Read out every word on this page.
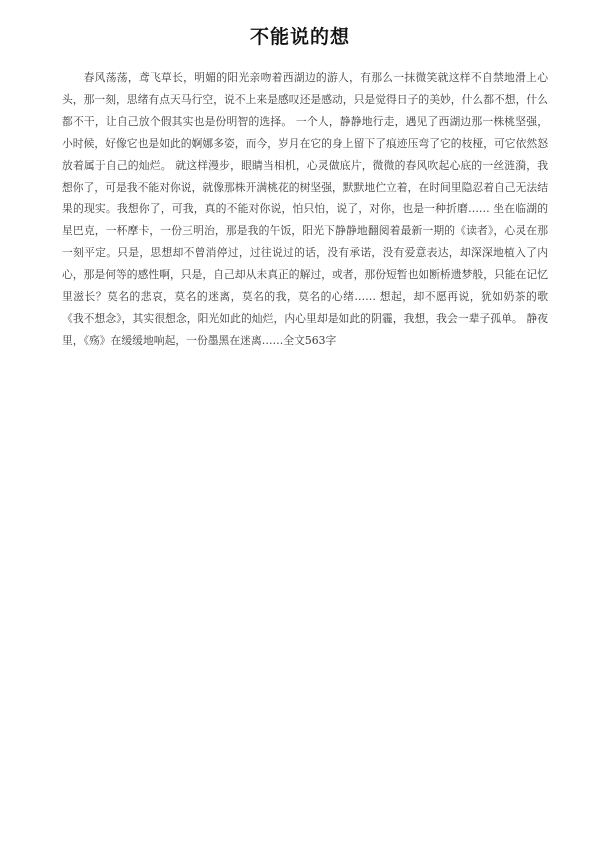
不能说的想

春风荡荡，鸢飞草长，明媚的阳光亲吻着西湖边的游人，有那么一抹微笑就这样不自禁地滑上心头，那一刻，思绪有点天马行空，说不上来是感叹还是感动，只是觉得日子的美妙，什么都不想，什么都不干，让自己放个假其实也是份明智的选择。 一个人，静静地行走，遇见了西湖边那一株桃坚强，小时候，好像它也是如此的婀娜多姿，而今，岁月在它的身上留下了痕迹压弯了它的枝桠，可它依然怒放着属于自己的灿烂。 就这样漫步，眼睛当相机，心灵做底片，微微的春风吹起心底的一丝涟漪，我想你了，可是我不能对你说，就像那株开满桃花的树坚强，默默地伫立着，在时间里隐忍着自己无法结果的现实。我想你了，可我，真的不能对你说，怕只怕，说了，对你，也是一种折磨…… 坐在临湖的星巴克，一杯摩卡，一份三明治，那是我的午饭，阳光下静静地翻阅着最新一期的《读者》，心灵在那一刻平定。只是，思想却不曾消停过，过往说过的话，没有承诺，没有爱意表达，却深深地植入了内心，那是何等的感性啊，只是，自己却从未真正的解过，或者，那份短暂也如断桥遗梦般，只能在记忆里滋长？莫名的悲哀，莫名的迷离，莫名的我，莫名的心绪…… 想起，却不愿再说，犹如奶茶的歌《我不想念》，其实很想念，阳光如此的灿烂，内心里却是如此的阴霾，我想，我会一辈子孤单。 静夜里，《殇》在缓缓地响起，一份墨黑在迷离……全文563字
